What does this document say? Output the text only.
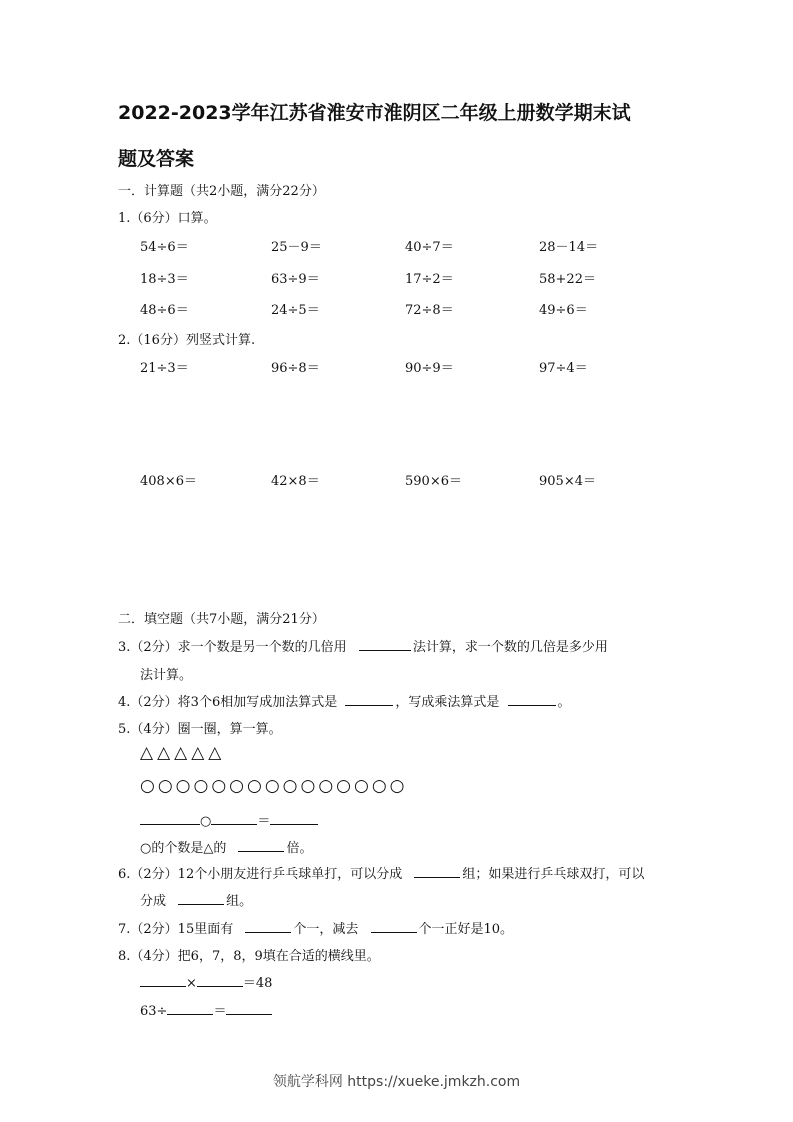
2022-2023学年江苏省淮安市淮阴区二年级上册数学期末试
题及答案
一．计算题（共2小题，满分22分）
1.（6分）口算。
54÷6＝	25－9＝	40÷7＝	28－14＝
18÷3＝	63÷9＝	17÷2＝	58+22＝
48÷6＝	24÷5＝	72÷8＝	49÷6＝
2.（16分）列竖式计算.
21÷3＝	96÷8＝	90÷9＝	97÷4＝
408×6＝	42×8＝	590×6＝	905×4＝
二．填空题（共7小题，满分21分）
3.（2分）求一个数是另一个数的几倍用	法计算，求一个数的几倍是多少用
法计算。
4.（2分）将3个6相加写成加法算式是	，写成乘法算式是	。
5.（4分）圈一圈，算一算。
△△△△△
○○○○○○○○○○○○○○○
○	＝
○的个数是△的	倍。
6.（2分）12个小朋友进行乒乓球单打，可以分成	组；如果进行乒乓球双打，可以
分成	组。
7.（2分）15里面有	个一，减去	个一正好是10。
8.（4分）把6，7，8，9填在合适的横线里。
×	＝48
63÷	＝
领航学科网 https://xueke.jmkzh.com
